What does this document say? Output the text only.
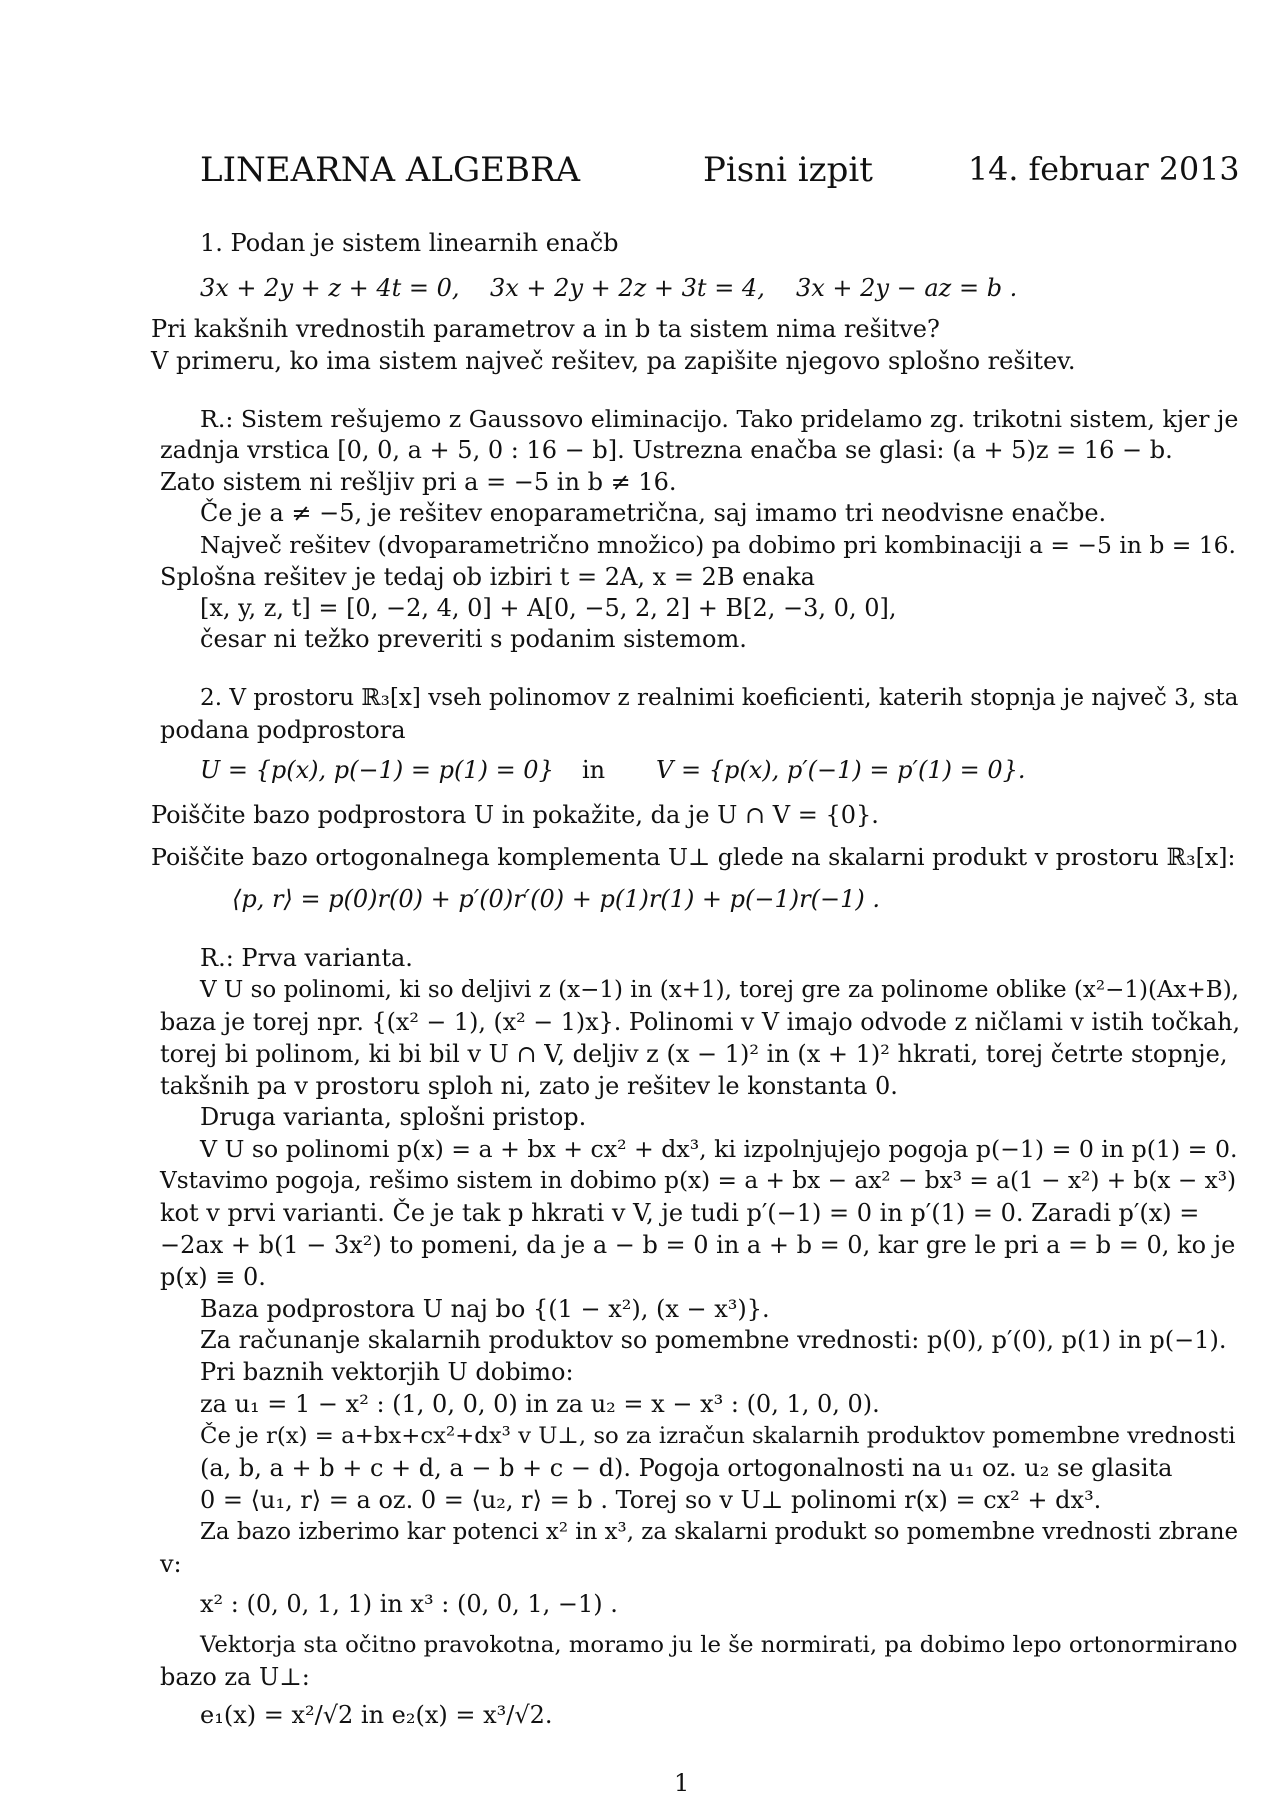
LINEARNA ALGEBRA	Pisni izpit	14. februar 2013
1. Podan je sistem linearnih enačb
3x + 2y + z + 4t = 0, 3x + 2y + 2z + 3t = 4, 3x + 2y − az = b .
Pri kakšnih vrednostih parametrov a in b ta sistem nima rešitve?
V primeru, ko ima sistem največ rešitev, pa zapišite njegovo splošno rešitev.
R.: Sistem rešujemo z Gaussovo eliminacijo. Tako pridelamo zg. trikotni sistem, kjer je
zadnja vrstica [0, 0, a + 5, 0 : 16 − b]. Ustrezna enačba se glasi: (a + 5)z = 16 − b.
Zato sistem ni rešljiv pri a = −5 in b ≠ 16.
Če je a ≠ −5, je rešitev enoparametrična, saj imamo tri neodvisne enačbe.
Največ rešitev (dvoparametrično množico) pa dobimo pri kombinaciji a = −5 in b = 16.
Splošna rešitev je tedaj ob izbiri t = 2A, x = 2B enaka
[x, y, z, t] = [0, −2, 4, 0] + A[0, −5, 2, 2] + B[2, −3, 0, 0],
česar ni težko preveriti s podanim sistemom.
2. V prostoru ℝ₃[x] vseh polinomov z realnimi koeficienti, katerih stopnja je največ 3, sta
podana podprostora
U = {p(x), p(−1) = p(1) = 0} in V = {p(x), p′(−1) = p′(1) = 0}.
Poiščite bazo podprostora U in pokažite, da je U ∩ V = {0}.
Poiščite bazo ortogonalnega komplementa U⊥ glede na skalarni produkt v prostoru ℝ₃[x]:
⟨p, r⟩ = p(0)r(0) + p′(0)r′(0) + p(1)r(1) + p(−1)r(−1) .
R.: Prva varianta.
V U so polinomi, ki so deljivi z (x−1) in (x+1), torej gre za polinome oblike (x²−1)(Ax+B),
baza je torej npr. {(x² − 1), (x² − 1)x}. Polinomi v V imajo odvode z ničlami v istih točkah,
torej bi polinom, ki bi bil v U ∩ V, deljiv z (x − 1)² in (x + 1)² hkrati, torej četrte stopnje,
takšnih pa v prostoru sploh ni, zato je rešitev le konstanta 0.
Druga varianta, splošni pristop.
V U so polinomi p(x) = a + bx + cx² + dx³, ki izpolnjujejo pogoja p(−1) = 0 in p(1) = 0.
Vstavimo pogoja, rešimo sistem in dobimo p(x) = a + bx − ax² − bx³ = a(1 − x²) + b(x − x³)
kot v prvi varianti. Če je tak p hkrati v V, je tudi p′(−1) = 0 in p′(1) = 0. Zaradi p′(x) =
−2ax + b(1 − 3x²) to pomeni, da je a − b = 0 in a + b = 0, kar gre le pri a = b = 0, ko je
p(x) ≡ 0.
Baza podprostora U naj bo {(1 − x²), (x − x³)}.
Za računanje skalarnih produktov so pomembne vrednosti: p(0), p′(0), p(1) in p(−1).
Pri baznih vektorjih U dobimo:
za u₁ = 1 − x² : (1, 0, 0, 0) in za u₂ = x − x³ : (0, 1, 0, 0).
Če je r(x) = a+bx+cx²+dx³ v U⊥, so za izračun skalarnih produktov pomembne vrednosti
(a, b, a + b + c + d, a − b + c − d). Pogoja ortogonalnosti na u₁ oz. u₂ se glasita
0 = ⟨u₁, r⟩ = a oz. 0 = ⟨u₂, r⟩ = b . Torej so v U⊥ polinomi r(x) = cx² + dx³.
Za bazo izberimo kar potenci x² in x³, za skalarni produkt so pomembne vrednosti zbrane
v:
x² : (0, 0, 1, 1) in x³ : (0, 0, 1, −1) .
Vektorja sta očitno pravokotna, moramo ju le še normirati, pa dobimo lepo ortonormirano
bazo za U⊥:
e₁(x) = x²/√2 in e₂(x) = x³/√2.
1
